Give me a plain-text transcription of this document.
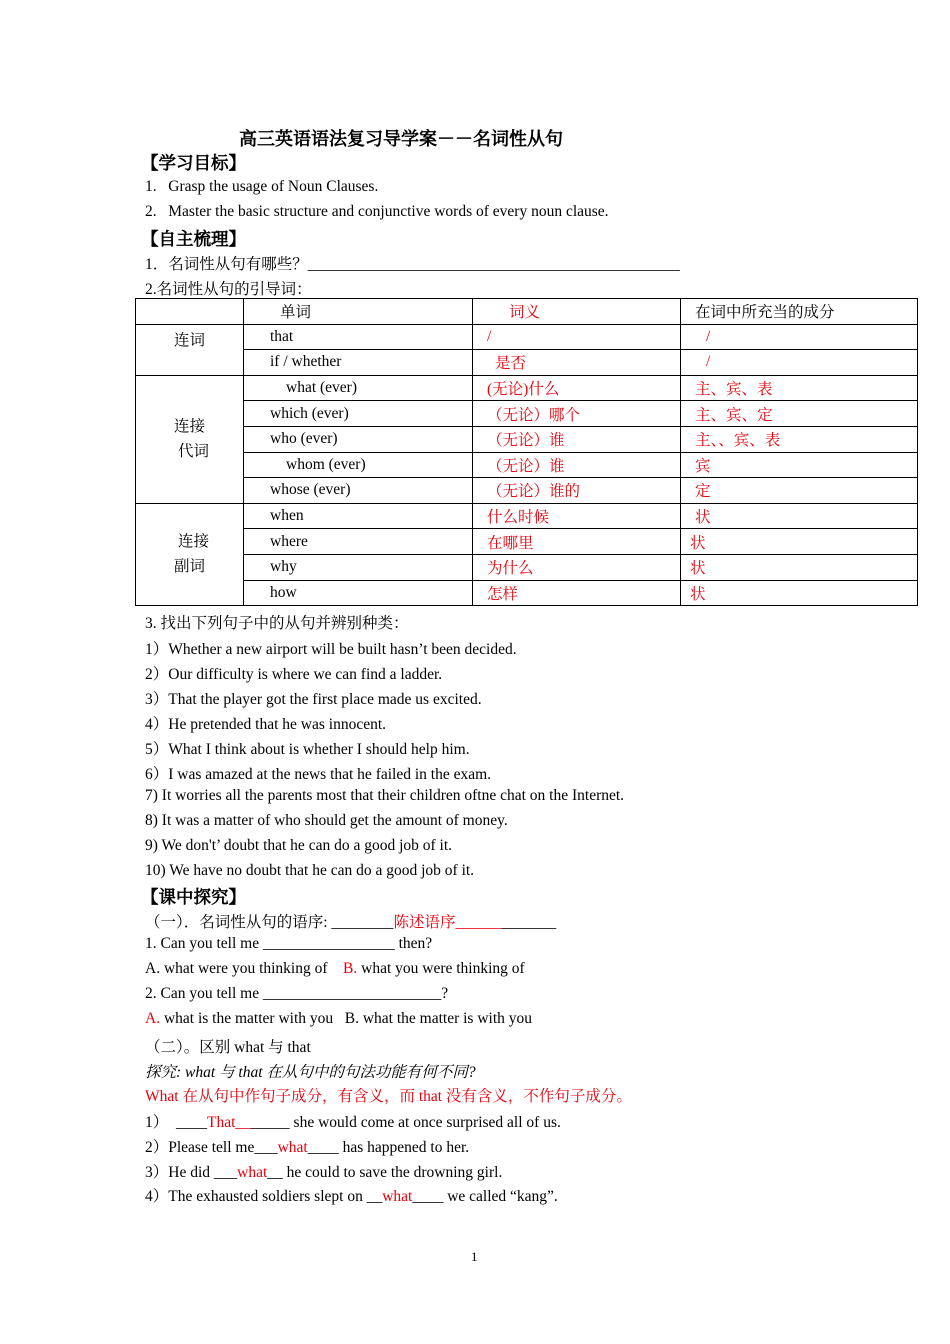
高三英语语法复习导学案－－名词性从句
【学习目标】
1.   Grasp the usage of Noun Clauses.
2.   Master the basic structure and conjunctive words of every noun clause.
【自主梳理】
1．名词性从句有哪些？________________________________________________
2.名词性从句的引导词：
	单词	词义	在词中所充当的成分
连词	that	/	/
	if / whether	是否	/

连接
代词	what (ever)	(无论)什么	主、宾、表
	which (ever)	（无论）哪个	主、宾、定
	who (ever)	（无论）谁	主、、宾、表
	whom (ever)	（无论）谁	宾
	whose (ever)	（无论）谁的	定

连接
副词	when	什么时候	状
	where	在哪里	状
	why	为什么	状
	how	怎样	状
3. 找出下列句子中的从句并辨别种类：
1）Whether a new airport will be built hasn’t been decided.
2）Our difficulty is where we can find a ladder.
3）That the player got the first place made us excited.
4）He pretended that he was innocent.
5）What I think about is whether I should help him.
6）I was amazed at the news that he failed in the exam.
7) It worries all the parents most that their children oftne chat on the Internet.
8) It was a matter of who should get the amount of money.
9) We don't’ doubt that he can do a good job of it.
10) We have no doubt that he can do a good job of it.
【课中探究】
（一）．名词性从句的语序: ________陈述语序_____________
1. Can you tell me _________________ then?
A. what were you thinking of    B. what you were thinking of
2. Can you tell me _______________________?
A. what is the matter with you   B. what the matter is with you
（二）。区别 what 与 that
探究: what 与 that 在从句中的句法功能有何不同?
What 在从句中作句子成分，有含义，而 that 没有含义，不作句子成分。
1）  ____That_______ she would come at once surprised all of us.
2）Please tell me___what____ has happened to her.
3）He did ___what__ he could to save the drowning girl.
4）The exhausted soldiers slept on __what____ we called “kang”.
1
